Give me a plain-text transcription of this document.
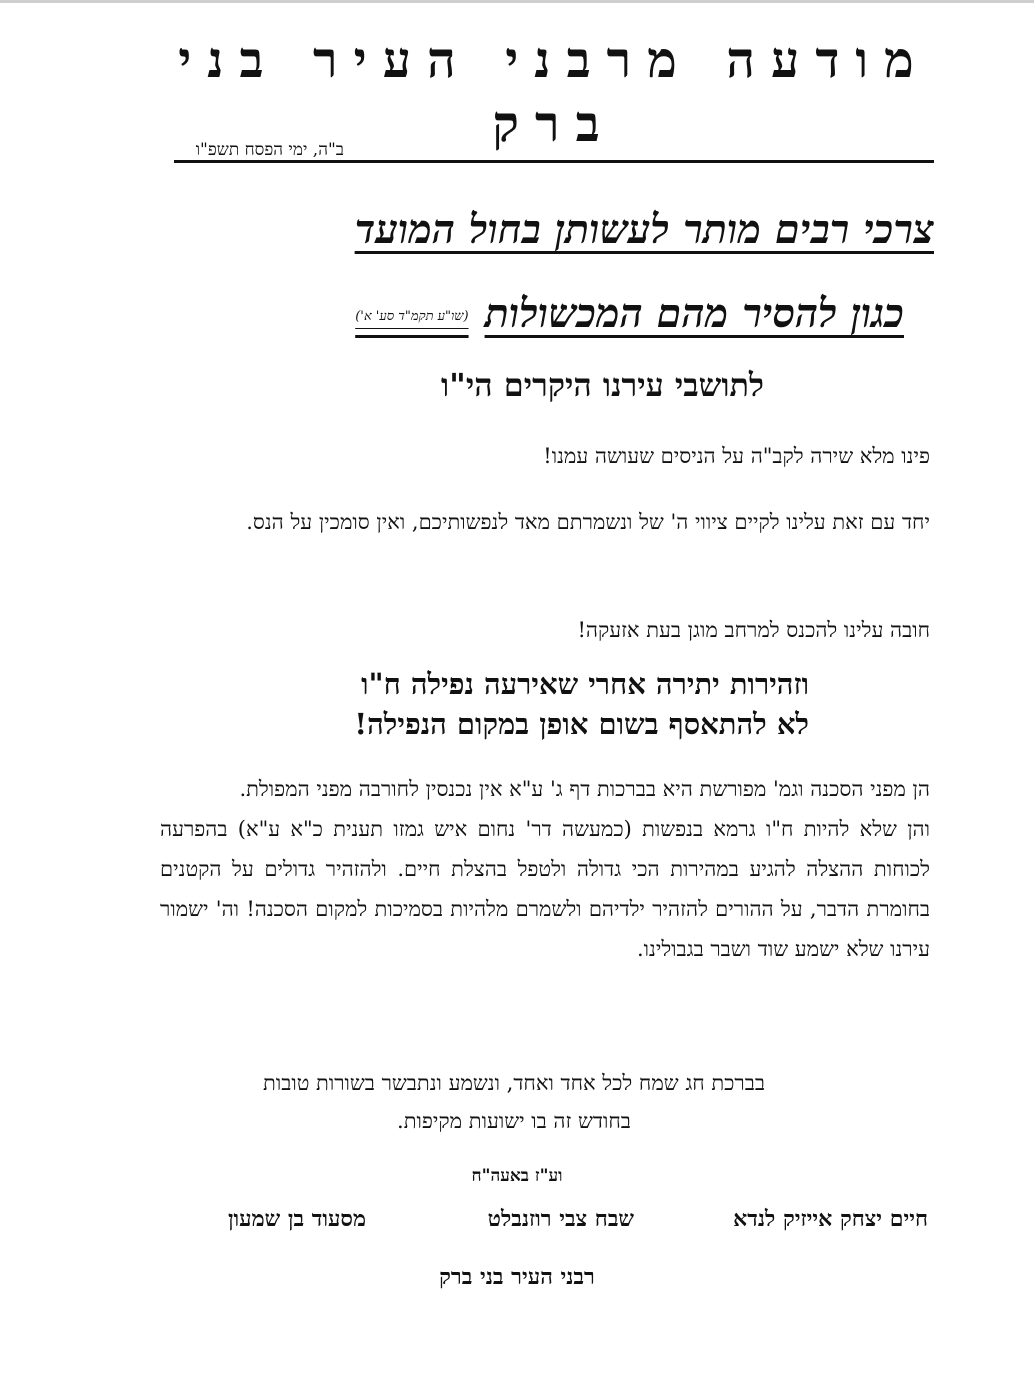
מודעה מרבני העיר בני ברק
ב"ה, ימי הפסח תשפ"ו
צרכי רבים מותר לעשותן בחול המועד
כגון להסיר מהם המכשולות(שו"ע תקמ"ד סע' א')
לתושבי עירנו היקרים הי"ו
פינו מלא שירה לקב"ה על הניסים שעושה עמנו!
יחד עם זאת עלינו לקיים ציווי ה' של ונשמרתם מאד לנפשותיכם, ואין סומכין על הנס.
חובה עלינו להכנס למרחב מוגן בעת אזעקה!
וזהירות יתירה אחרי שאירעה נפילה ח"ו
לא להתאסף בשום אופן במקום הנפילה!
הן מפני הסכנה וגמ' מפורשת היא בברכות דף ג' ע"א אין נכנסין לחורבה מפני המפולת.
והן שלא להיות ח"ו גרמא בנפשות (כמעשה דר' נחום איש גמזו תענית כ"א ע"א) בהפרעה לכוחות ההצלה להגיע במהירות הכי גדולה ולטפל בהצלת חיים. ולהזהיר גדולים על הקטנים בחומרת הדבר, על ההורים להזהיר ילדיהם ולשמרם מלהיות בסמיכות למקום הסכנה! וה' ישמור עירנו שלא ישמע שוד ושבר בגבולינו.
בברכת חג שמח לכל אחד ואחד, ונשמע ונתבשר בשורות טובות
בחודש זה בו ישועות מקיפות.
וע"ז באעה"ח
חיים יצחק אייזיק לנדא
שבח צבי רוזנבלט
מסעוד בן שמעון
רבני העיר בני ברק
